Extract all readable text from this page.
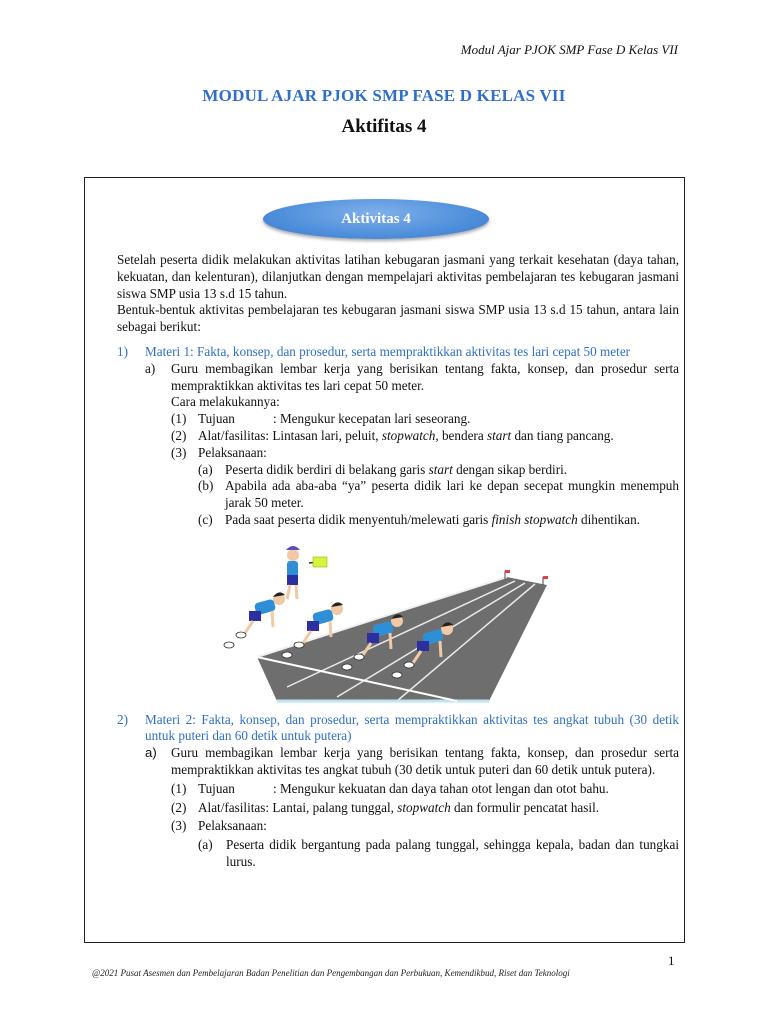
Modul Ajar PJOK SMP Fase D Kelas VII
MODUL AJAR PJOK SMP FASE D KELAS VII
Aktifitas 4
Aktivitas 4

Setelah peserta didik melakukan aktivitas latihan kebugaran jasmani yang terkait kesehatan (daya tahan, kekuatan, dan kelenturan), dilanjutkan dengan mempelajari aktivitas pembelajaran tes kebugaran jasmani siswa SMP usia 13 s.d 15 tahun.

Bentuk-bentuk aktivitas pembelajaran tes kebugaran jasmani siswa SMP usia 13 s.d 15 tahun, antara lain sebagai berikut:

1)	Materi 1: Fakta, konsep, dan prosedur, serta mempraktikkan aktivitas tes lari cepat 50 meter
a)	Guru membagikan lembar kerja yang berisikan tentang fakta, konsep, dan prosedur serta mempraktikkan aktivitas tes lari cepat 50 meter.

Cara melakukannya:

(1) Tujuan	: Mengukur kecepatan lari seseorang.
(2) Alat/fasilitas: Lintasan lari, peluit, stopwatch, bendera start dan tiang pancang.
(3) Pelaksanaan:
(a) Peserta didik berdiri di belakang garis start dengan sikap berdiri.
(b) Apabila ada aba-aba “ya” peserta didik lari ke depan secepat mungkin menempuh jarak 50 meter.
(c) Pada saat peserta didik menyentuh/melewati garis finish stopwatch dihentikan.
2)	Materi 2: Fakta, konsep, dan prosedur, serta mempraktikkan aktivitas tes angkat tubuh (30 detik untuk puteri dan 60 detik untuk putera)
a)	Guru membagikan lembar kerja yang berisikan tentang fakta, konsep, dan prosedur serta mempraktikkan aktivitas tes angkat tubuh (30 detik untuk puteri dan 60 detik untuk putera).
(1) Tujuan	: Mengukur kekuatan dan daya tahan otot lengan dan otot bahu.
(2) Alat/fasilitas: Lantai, palang tunggal, stopwatch dan formulir pencatat hasil.
(3) Pelaksanaan:
(a)	Peserta didik bergantung pada palang tunggal, sehingga kepala, badan dan tungkai lurus.
1
@2021 Pusat Asesmen dan Pembelajaran Badan Penelitian dan Pengembangan dan Perbukuan, Kemendikbud, Riset dan Teknologi
